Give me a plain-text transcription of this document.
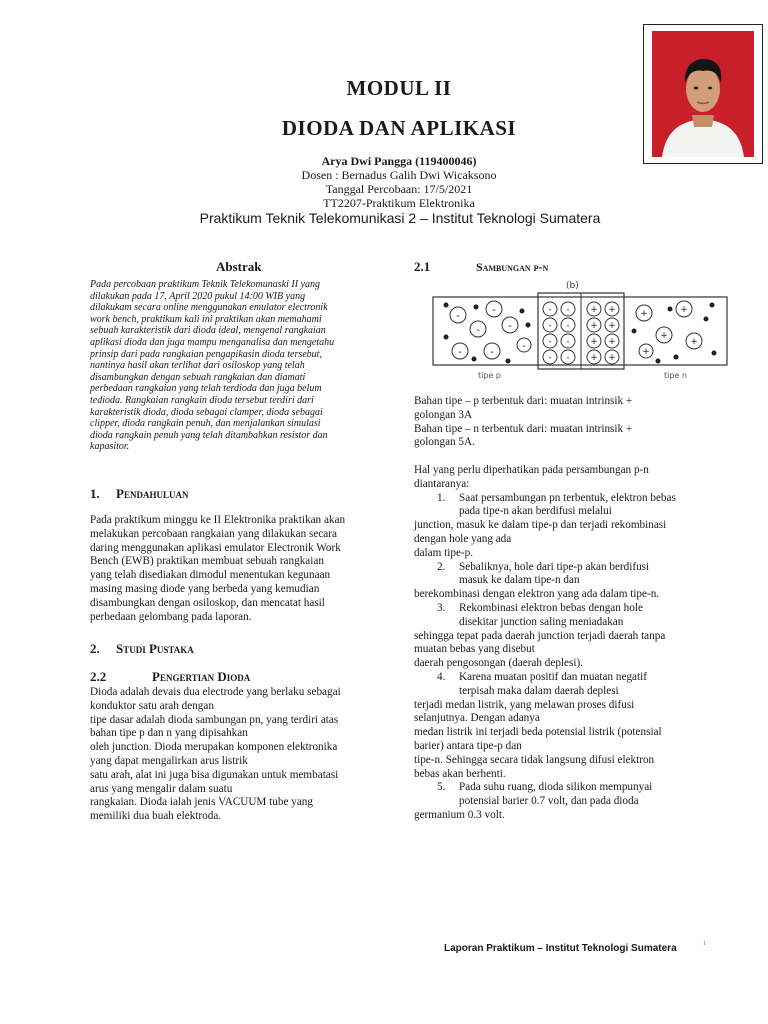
MODUL II
DIODA DAN APLIKASI
Arya Dwi Pangga (119400046)
Dosen : Bernadus Galih Dwi Wicaksono
Tanggal Percobaan: 17/5/2021
TT2207-Praktikum Elektronika
Praktikum Teknik Telekomunikasi 2 – Institut Teknologi Sumatera
Abstrak
Pada percobaan praktikum Teknik Telekomunaski II yang
dilakukan pada 17, April 2020 pukul 14:00 WIB yang
dilakukam secara online menggunakan emulator electronik
work bench, praktikum kali ini praktikan akan memahami
sebuah karakteristik dari dioda ideal, mengenal rangkaian
aplikasi dioda dan juga mampu menganalisa dan mengetahu
prinsip dari pada rangkaian pengapikasin dioda tersebut,
nantinya hasil akan terlihat dari osiloskop yang telah
disambungkan dengan sebuah rangkaian dan diamati
perbedaan rangkaian yang telah terdioda dan juga belum
tedioda. Rangkaian rangkain dioda tersebut terdiri dari
karakteristik dioda, dioda sebagai clamper, dioda sebagai
clipper, dioda rangkain penuh, dan menjalankan simulasi
dioda rangkain penuh yang telah ditambahkan resistor dan
kapasitor.
1. Pendahuluan
Pada praktikum minggu ke II Elektronika praktikan akan
melakukan percobaan rangkaian yang dilakukan secara
daring menggunakan aplikasi emulator Electronik Work
Bench (EWB) praktikan membuat sebuah rangkaian
yang telah disediakan dimodul menentukan kegunaan
masing masing diode yang berbeda yang kemudian
disambungkan dengan osiloskop, dan mencatat hasil
perbedaan gelombang pada laporan.
2. Studi Pustaka
2.2	Pengertian Dioda
Dioda adalah devais dua electrode yang berlaku sebagai
konduktor satu arah dengan
tipe dasar adalah dioda sambungan pn, yang terdiri atas
bahan tipe p dan n yang dipisahkan
oleh junction. Dioda merupakan komponen elektronika
yang dapat mengalirkan arus listrik
satu arah, alat ini juga bisa digunakan untuk membatasi
arus yang mengalir dalam suatu
rangkaian. Dioda ialah jenis VACUUM tube yang
memiliki dua buah elektroda.
2.1	Sambungan p-n
-
-
-
-
-
-
-
- - + +
- - + +
- - + +
- - + +
+
+
+
+
+
(b)
tipe p	tipe n
Bahan tipe – p terbentuk dari: muatan intrinsik +
golongan 3A
Bahan tipe – n terbentuk dari: muatan intrinsik +
golongan 5A.
Hal yang perlu diperhatikan pada persambungan p-n
diantaranya:
1. Saat persambungan pn terbentuk, elektron bebas
pada tipe-n akan berdifusi melalui
junction, masuk ke dalam tipe-p dan terjadi rekombinasi
dengan hole yang ada
dalam tipe-p.
2. Sebaliknya, hole dari tipe-p akan berdifusi
masuk ke dalam tipe-n dan
berekombinasi dengan elektron yang ada dalam tipe-n.
3. Rekombinasi elektron bebas dengan hole
disekitar junction saling meniadakan
sehingga tepat pada daerah junction terjadi daerah tanpa
muatan bebas yang disebut
daerah pengosongan (daerah deplesi).
4. Karena muatan positif dan muatan negatif
terpisah maka dalam daerah deplesi
terjadi medan listrik, yang melawan proses difusi
selanjutnya. Dengan adanya
medan listrik ini terjadi beda potensial listrik (potensial
barier) antara tipe-p dan
tipe-n. Sehingga secara tidak langsung difusi elektron
bebas akan berhenti.
5. Pada suhu ruang, dioda silikon mempunyai
potensial barier 0.7 volt, dan pada dioda
germanium 0.3 volt.
Laporan Praktikum – Institut Teknologi Sumatera	1
